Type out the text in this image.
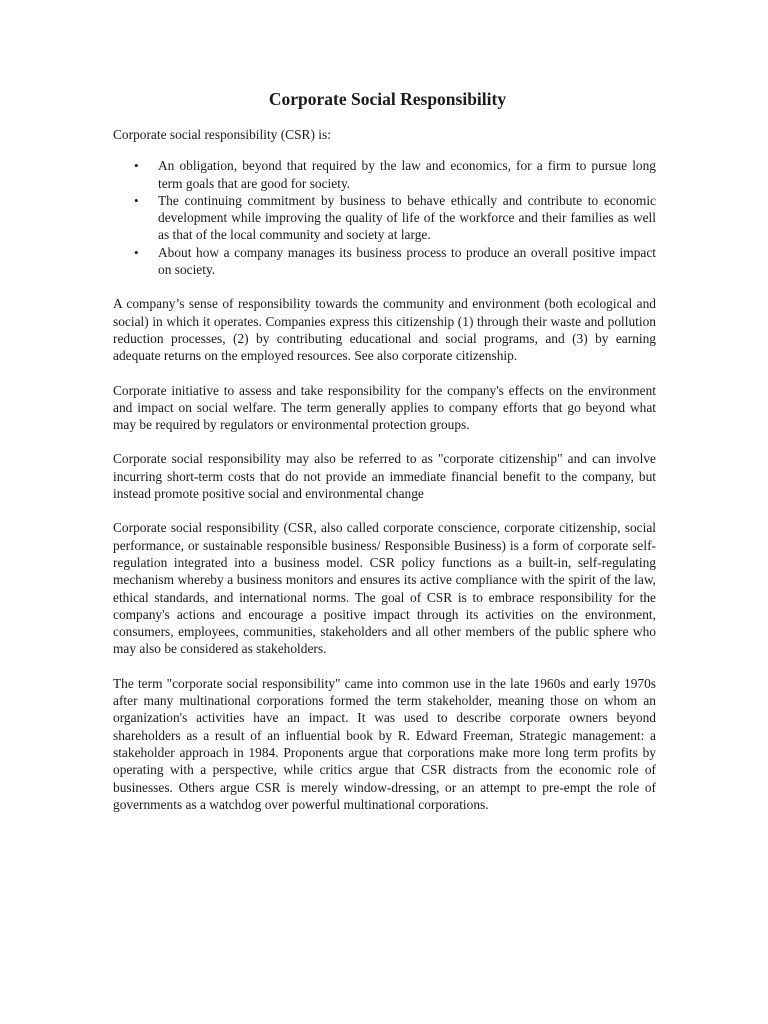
Corporate Social Responsibility

Corporate social responsibility (CSR) is:

• An obligation, beyond that required by the law and economics, for a firm to pursue long term goals that are good for society.
• The continuing commitment by business to behave ethically and contribute to economic development while improving the quality of life of the workforce and their families as well as that of the local community and society at large.
• About how a company manages its business process to produce an overall positive impact on society.

A company’s sense of responsibility towards the community and environment (both ecological and social) in which it operates. Companies express this citizenship (1) through their waste and pollution reduction processes, (2) by contributing educational and social programs, and (3) by earning adequate returns on the employed resources. See also corporate citizenship.

Corporate initiative to assess and take responsibility for the company's effects on the environment and impact on social welfare. The term generally applies to company efforts that go beyond what may be required by regulators or environmental protection groups.

Corporate social responsibility may also be referred to as "corporate citizenship" and can involve incurring short-term costs that do not provide an immediate financial benefit to the company, but instead promote positive social and environmental change

Corporate social responsibility (CSR, also called corporate conscience, corporate citizenship, social performance, or sustainable responsible business/ Responsible Business) is a form of corporate self-regulation integrated into a business model. CSR policy functions as a built-in, self-regulating mechanism whereby a business monitors and ensures its active compliance with the spirit of the law, ethical standards, and international norms. The goal of CSR is to embrace responsibility for the company's actions and encourage a positive impact through its activities on the environment, consumers, employees, communities, stakeholders and all other members of the public sphere who may also be considered as stakeholders.

The term "corporate social responsibility" came into common use in the late 1960s and early 1970s after many multinational corporations formed the term stakeholder, meaning those on whom an organization's activities have an impact. It was used to describe corporate owners beyond shareholders as a result of an influential book by R. Edward Freeman, Strategic management: a stakeholder approach in 1984. Proponents argue that corporations make more long term profits by operating with a perspective, while critics argue that CSR distracts from the economic role of businesses. Others argue CSR is merely window-dressing, or an attempt to pre-empt the role of governments as a watchdog over powerful multinational corporations.
